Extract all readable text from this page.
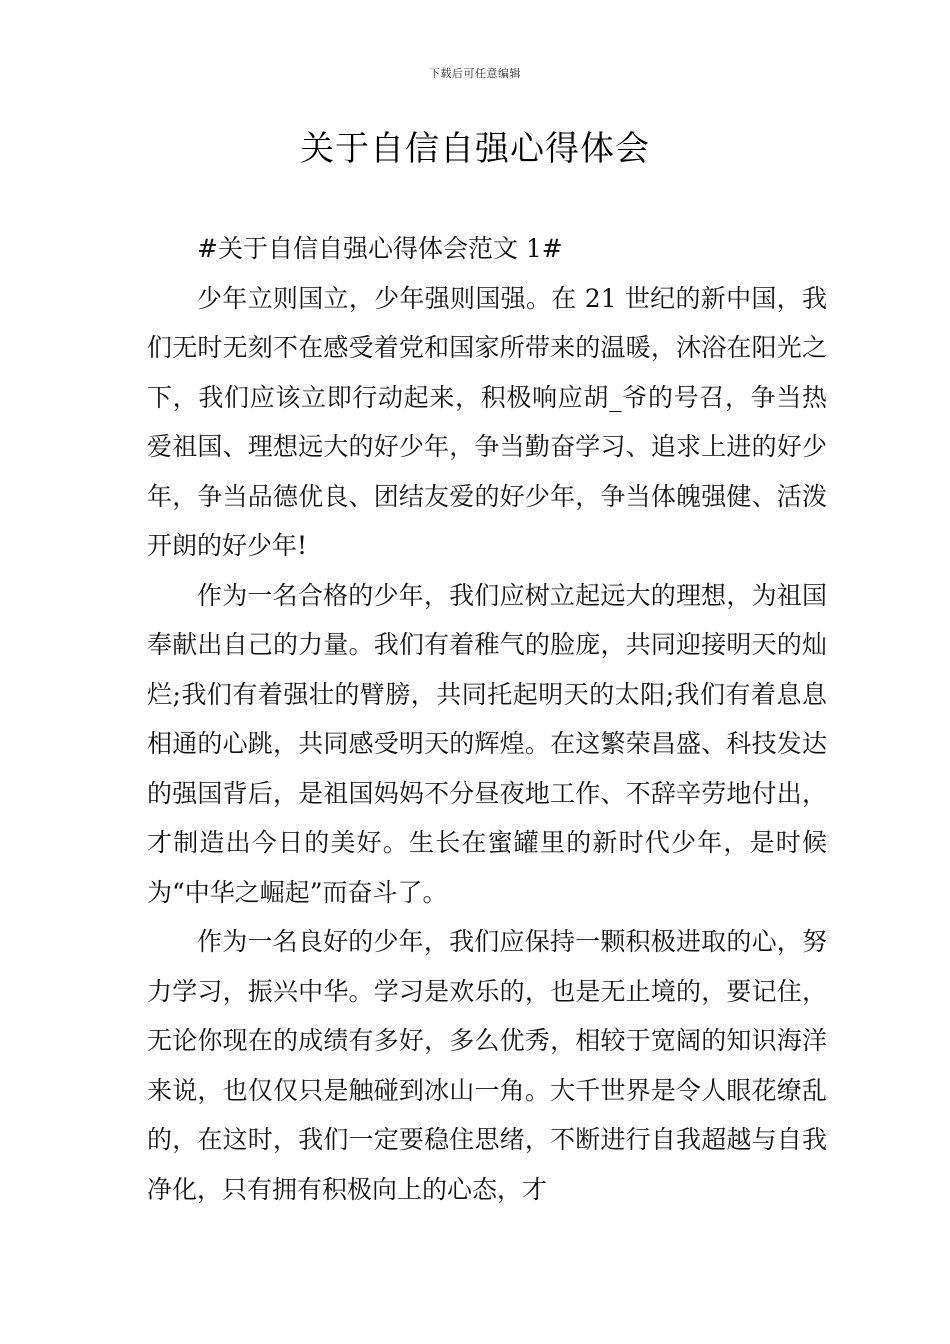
下载后可任意编辑
关于自信自强心得体会

#关于自信自强心得体会范文 1#

少年立则国立，少年强则国强。在 21 世纪的新中国，我们无时无刻不在感受着党和国家所带来的温暖，沐浴在阳光之下，我们应该立即行动起来，积极响应胡_爷的号召，争当热爱祖国、理想远大的好少年，争当勤奋学习、追求上进的好少年，争当品德优良、团结友爱的好少年，争当体魄强健、活泼开朗的好少年!

作为一名合格的少年，我们应树立起远大的理想，为祖国奉献出自己的力量。我们有着稚气的脸庞，共同迎接明天的灿烂;我们有着强壮的臂膀，共同托起明天的太阳;我们有着息息相通的心跳，共同感受明天的辉煌。在这繁荣昌盛、科技发达的强国背后，是祖国妈妈不分昼夜地工作、不辞辛劳地付出，才制造出今日的美好。生长在蜜罐里的新时代少年，是时候为“中华之崛起”而奋斗了。

作为一名良好的少年，我们应保持一颗积极进取的心，努力学习，振兴中华。学习是欢乐的，也是无止境的，要记住，无论你现在的成绩有多好，多么优秀，相较于宽阔的知识海洋来说，也仅仅只是触碰到冰山一角。大千世界是令人眼花缭乱的，在这时，我们一定要稳住思绪，不断进行自我超越与自我净化，只有拥有积极向上的心态，才
